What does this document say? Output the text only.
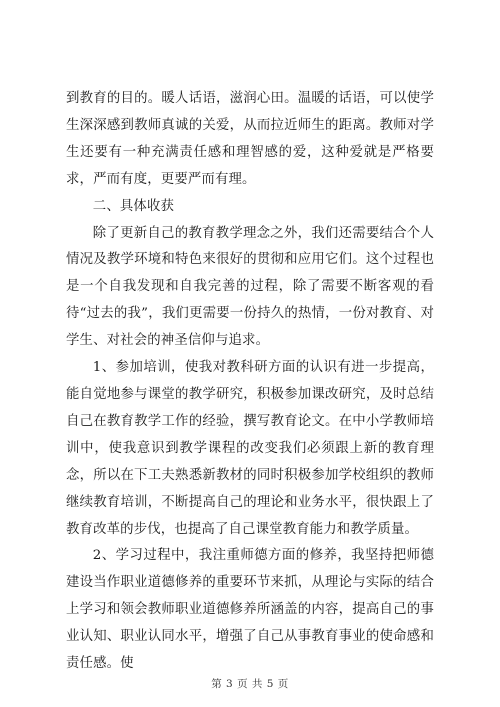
到教育的目的。暖人话语，滋润心田。温暖的话语，可以使学生深深感到教师真诚的关爱，从而拉近师生的距离。教师对学生还要有一种充满责任感和理智感的爱，这种爱就是严格要求，严而有度，更要严而有理。

二、具体收获

除了更新自己的教育教学理念之外，我们还需要结合个人情况及教学环境和特色来很好的贯彻和应用它们。这个过程也是一个自我发现和自我完善的过程，除了需要不断客观的看待“过去的我”，我们更需要一份持久的热情，一份对教育、对学生、对社会的神圣信仰与追求。

1、参加培训，使我对教科研方面的认识有进一步提高，能自觉地参与课堂的教学研究，积极参加课改研究，及时总结自己在教育教学工作的经验，撰写教育论文。在中小学教师培训中，使我意识到教学课程的改变我们必须跟上新的教育理念，所以在下工夫熟悉新教材的同时积极参加学校组织的教师继续教育培训，不断提高自己的理论和业务水平，很快跟上了教育改革的步伐，也提高了自己课堂教育能力和教学质量。

2、学习过程中，我注重师德方面的修养，我坚持把师德建设当作职业道德修养的重要环节来抓，从理论与实际的结合上学习和领会教师职业道德修养所涵盖的内容，提高自己的事业认知、职业认同水平，增强了自己从事教育事业的使命感和责任感。使

第 3 页 共 5 页
